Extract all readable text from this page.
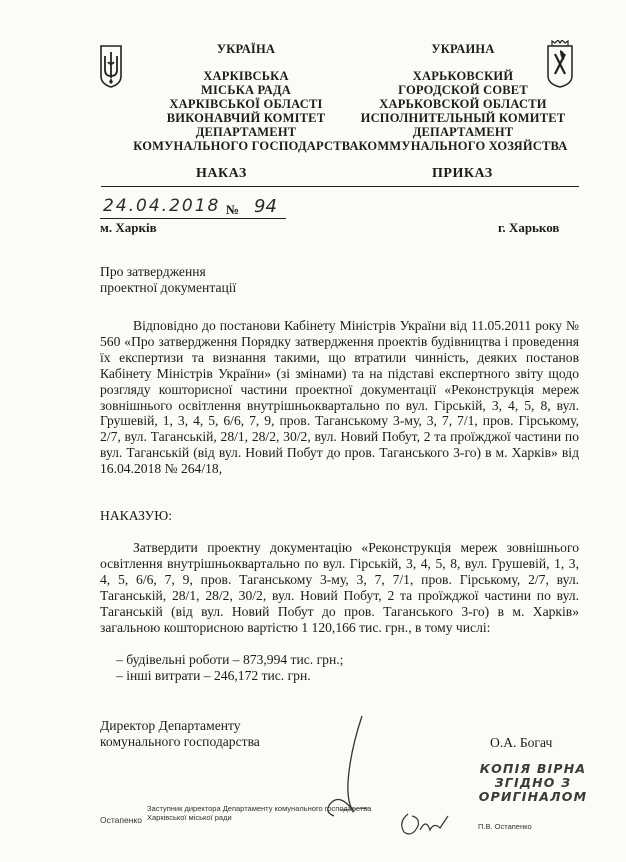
УКРАЇНА
ХАРКІВСЬКА
МІСЬКА РАДА
ХАРКІВСЬКОЇ ОБЛАСТІ
ВИКОНАВЧИЙ КОМІТЕТ
ДЕПАРТАМЕНТ
КОМУНАЛЬНОГО ГОСПОДАРСТВА
УКРАИНА
ХАРЬКОВСКИЙ
ГОРОДСКОЙ СОВЕТ
ХАРЬКОВСКОЙ ОБЛАСТИ
ИСПОЛНИТЕЛЬНЫЙ КОМИТЕТ
ДЕПАРТАМЕНТ
КОММУНАЛЬНОГО ХОЗЯЙСТВА
НАКАЗ	ПРИКАЗ
24.04.2018 № 94
м. Харків	г. Харьков
Про затвердження
проектної документації
Відповідно до постанови Кабінету Міністрів України від 11.05.2011 року № 560 «Про затвердження Порядку затвердження проектів будівництва і проведення їх експертизи та визнання такими, що втратили чинність, деяких постанов Кабінету Міністрів України» (зі змінами) та на підставі експертного звіту щодо розгляду кошторисної частини проектної документації «Реконструкція мереж зовнішнього освітлення внутрішньоквартально по вул. Гірській, 3, 4, 5, 8, вул. Грушевій, 1, 3, 4, 5, 6/6, 7, 9, пров. Таганському 3-му, 3, 7, 7/1, пров. Гірському, 2/7, вул. Таганській, 28/1, 28/2, 30/2, вул. Новий Побут, 2 та проїжджої частини по вул. Таганській (від вул. Новий Побут до пров. Таганського 3-го) в м. Харків» від 16.04.2018 № 264/18,
НАКАЗУЮ:
Затвердити проектну документацію «Реконструкція мереж зовнішнього освітлення внутрішньоквартально по вул. Гірській, 3, 4, 5, 8, вул. Грушевій, 1, 3, 4, 5, 6/6, 7, 9, пров. Таганському 3-му, 3, 7, 7/1, пров. Гірському, 2/7, вул. Таганській, 28/1, 28/2, 30/2, вул. Новий Побут, 2 та проїжджої частини по вул. Таганській (від вул. Новий Побут до пров. Таганського 3-го) в м. Харків» загальною кошторисною вартістю 1 120,166 тис. грн., в тому числі:
– будівельні роботи – 873,994 тис. грн.;
– інші витрати – 246,172 тис. грн.
Директор Департаменту
комунального господарства	О.А. Богач
КОПІЯ ВІРНА
ЗГІДНО З
ОРИГІНАЛОМ
Остапенко
Заступник директора Департаменту комунального господарства
Харківської міської ради
П.В. Остапенко
